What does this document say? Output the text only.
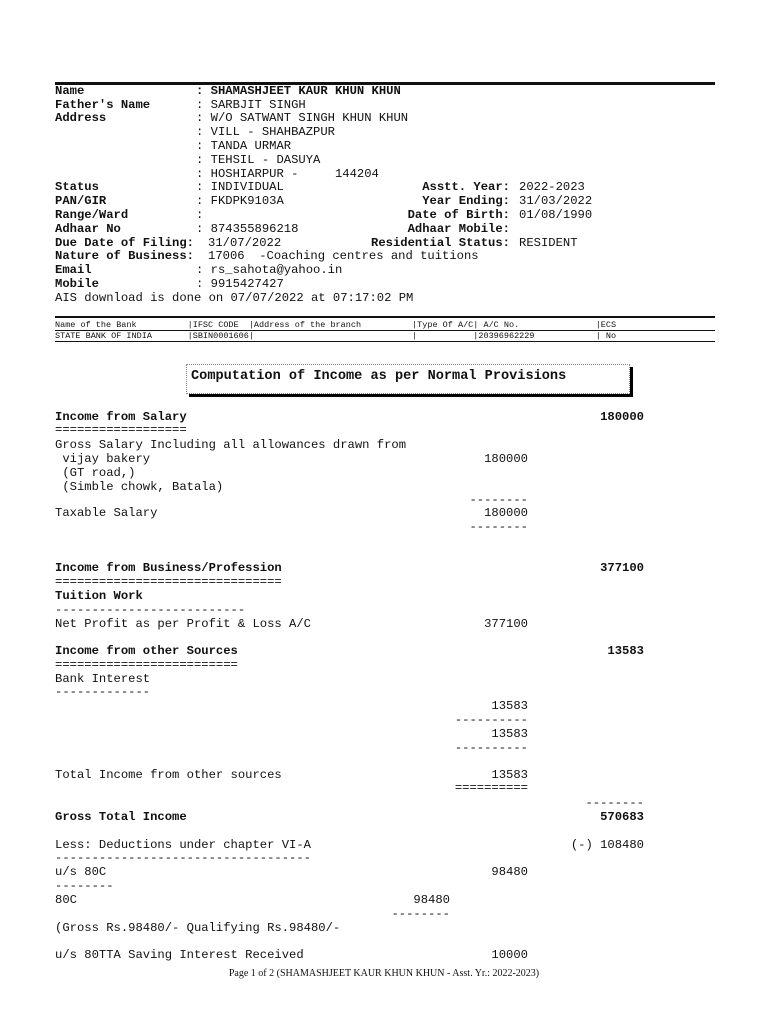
Name	: SHAMASHJEET KAUR KHUN KHUN
Father's Name	: SARBJIT SINGH
Address	: W/O SATWANT SINGH KHUN KHUN
: VILL - SHAHBAZPUR
: TANDA URMAR
: TEHSIL - DASUYA
: HOSHIARPUR -     144204
Status	: INDIVIDUAL	Asstt. Year: 2022-2023
PAN/GIR	: FKDPK9103A	Year Ending: 31/03/2022
Range/Ward	:	Date of Birth: 01/08/1990
Adhaar No	: 874355896218	Adhaar Mobile:
Due Date of Filing: 31/07/2022	Residential Status: RESIDENT
Nature of Business: 17006  -Coaching centres and tuitions
Email	: rs_sahota@yahoo.in
Mobile	: 9915427427
AIS download is done on 07/07/2022 at 07:17:02 PM
Name of the Bank          |IFSC CODE  |Address of the branch          |Type Of A/C| A/C No.               |ECS
STATE BANK OF INDIA       |SBIN0001606|                               |           |20396962229            | No
Computation of Income as per Normal Provisions
Income from Salary	180000
==================
Gross Salary Including all allowances drawn from
vijay bakery	180000
(GT road,)
(Simble chowk, Batala)
--------
Taxable Salary	180000
--------
Income from Business/Profession	377100
===============================
Tuition Work
--------------------------
Net Profit as per Profit & Loss A/C	377100
Income from other Sources	13583
=========================
Bank Interest
-------------
13583
----------
13583
----------
Total Income from other sources	13583
==========
--------
Gross Total Income	570683
Less: Deductions under chapter VI-A	(-) 108480
-----------------------------------
u/s 80C	98480
--------
80C	98480
--------
(Gross Rs.98480/- Qualifying Rs.98480/-
u/s 80TTA Saving Interest Received	10000
Page 1 of 2 (SHAMASHJEET KAUR KHUN KHUN - Asst. Yr.: 2022-2023)
